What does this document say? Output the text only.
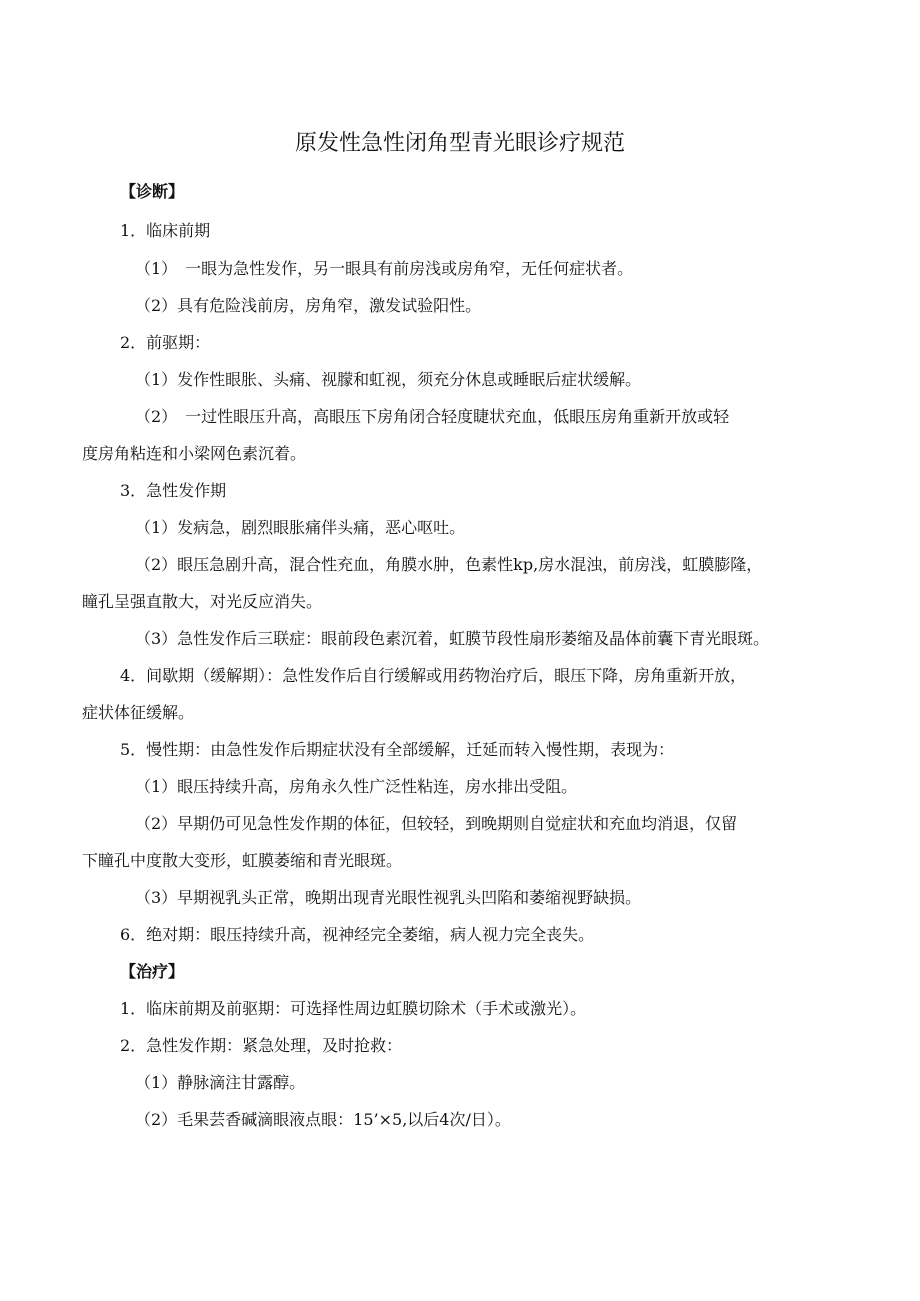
原发性急性闭角型青光眼诊疗规范

【诊断】

1．临床前期

（1）　一眼为急性发作，另一眼具有前房浅或房角窄，无任何症状者。

（2）具有危险浅前房，房角窄，激发试验阳性。

2．前驱期：

（1）发作性眼胀、头痛、视朦和虹视，须充分休息或睡眠后症状缓解。

（2）　一过性眼压升高，高眼压下房角闭合轻度睫状充血，低眼压房角重新开放或轻

度房角粘连和小梁网色素沉着。

3．急性发作期

（1）发病急，剧烈眼胀痛伴头痛，恶心呕吐。

（2）眼压急剧升高，混合性充血，角膜水肿，色素性kp,房水混浊，前房浅，虹膜膨隆，

瞳孔呈强直散大，对光反应消失。

（3）急性发作后三联症：眼前段色素沉着，虹膜节段性扇形萎缩及晶体前囊下青光眼斑。

4．间歇期（缓解期）：急性发作后自行缓解或用药物治疗后，眼压下降，房角重新开放，

症状体征缓解。

5．慢性期：由急性发作后期症状没有全部缓解，迁延而转入慢性期，表现为：

（1）眼压持续升高，房角永久性广泛性粘连，房水排出受阻。

（2）早期仍可见急性发作期的体征，但较轻，到晚期则自觉症状和充血均消退，仅留

下瞳孔中度散大变形，虹膜萎缩和青光眼斑。

（3）早期视乳头正常，晚期出现青光眼性视乳头凹陷和萎缩视野缺损。

6．绝对期：眼压持续升高，视神经完全萎缩，病人视力完全丧失。

【治疗】

1．临床前期及前驱期：可选择性周边虹膜切除术（手术或激光）。

2．急性发作期：紧急处理，及时抢救：

（1）静脉滴注甘露醇。

（2）毛果芸香碱滴眼液点眼：15’×5,以后4次/日）。
